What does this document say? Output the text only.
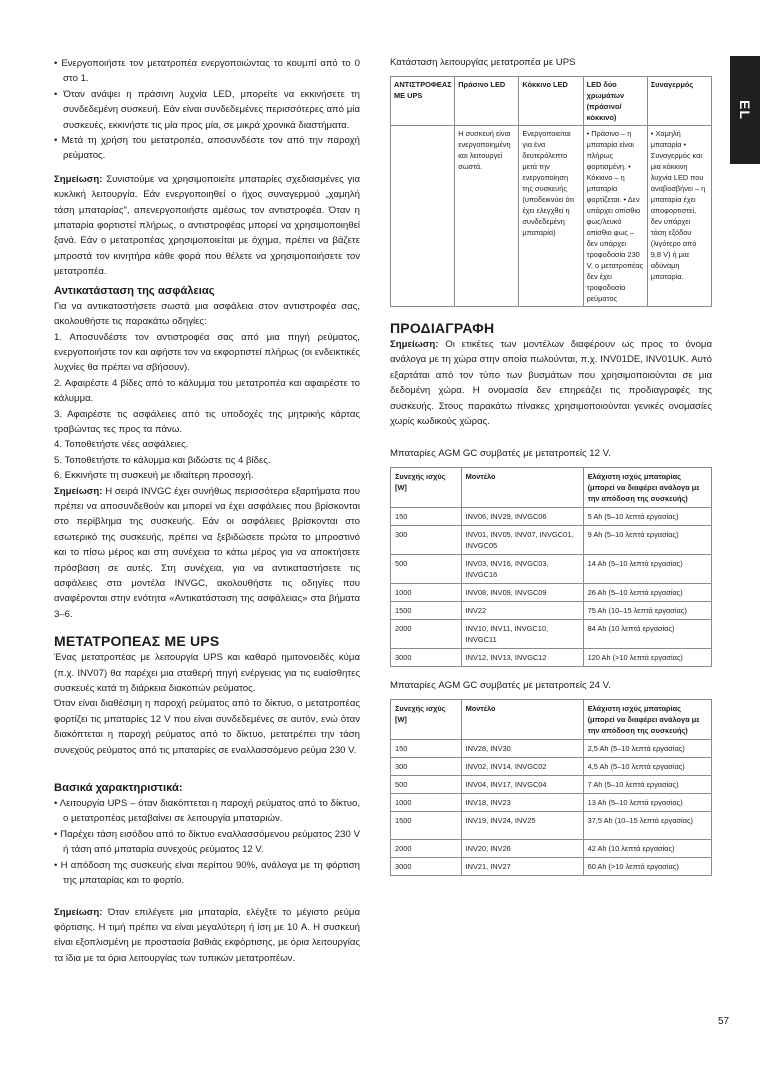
EL
• Ενεργοποιήστε τον μετατροπέα ενεργοποιώντας το κουμπί από το 0 στο 1.
• Όταν ανάψει η πράσινη λυχνία LED, μπορείτε να εκκινήσετε τη συνδεδεμένη συσκευή. Εάν είναι συνδεδεμένες περισσότερες από μία συσκευές, εκκινήστε τις μία προς μία, σε μικρά χρονικά διαστήματα.
• Μετά τη χρήση του μετατροπέα, αποσυνδέστε τον από την παροχή ρεύματος.

Σημείωση: Συνιστούμε να χρησιμοποιείτε μπαταρίες σχεδιασμένες για κυκλική λειτουργία. Εάν ενεργοποιηθεί ο ήχος συναγερμού „χαμηλή τάση μπαταρίας", απενεργοποιήστε αμέσως τον αντιστροφέα. Όταν η μπαταρία φορτιστεί πλήρως, ο αντιστροφέας μπορεί να χρησιμοποιηθεί ξανά. Εάν ο μετατροπέας χρησιμοποιείται με όχημα, πρέπει να βάζετε μπροστά τον κινητήρα κάθε φορά που θέλετε να χρησιμοποιήσετε τον μετατροπέα.

Αντικατάσταση της ασφάλειας

Για να αντικαταστήσετε σωστά μια ασφάλεια στον αντιστροφέα σας, ακολουθήστε τις παρακάτω οδηγίες:

1. Αποσυνδέστε τον αντιστροφέα σας από μια πηγή ρεύματος, ενεργοποιήστε τον και αφήστε τον να εκφορτιστεί πλήρως (οι ενδεικτικές λυχνίες θα πρέπει να σβήσουν).

2. Αφαιρέστε 4 βίδες από το κάλυμμα του μετατροπέα και αφαιρέστε το κάλυμμα.

3. Αφαιρέστε τις ασφάλειες από τις υποδοχές της μητρικής κάρτας τραβώντας τες προς τα πάνω.

4. Τοποθετήστε νέες ασφάλειες.

5. Τοποθετήστε το κάλυμμα και βιδώστε τις 4 βίδες.

6. Εκκινήστε τη συσκευή με ιδιαίτερη προσοχή.

Σημείωση: Η σειρά INVGC έχει συνήθως περισσότερα εξαρτήματα που πρέπει να αποσυνδεθούν και μπορεί να έχει ασφάλειες που βρίσκονται στο περίβλημα της συσκευής. Εάν οι ασφάλειες βρίσκονται στο εσωτερικό της συσκευής, πρέπει να ξεβιδώσετε πρώτα το μπροστινό και το πίσω μέρος και στη συνέχεια το κάτω μέρος για να αποκτήσετε πρόσβαση σε αυτές. Στη συνέχεια, για να αντικαταστήσετε τις ασφάλειες στα μοντέλα INVGC, ακολουθήστε τις οδηγίες που αναφέρονται στην ενότητα «Αντικατάσταση της ασφάλειας» στα βήματα 3–6.

ΜΕΤΑΤΡΟΠΕΑΣ ΜΕ UPS

Ένας μετατροπέας με λειτουργία UPS και καθαρό ημιτονοειδές κύμα (π.χ. INV07) θα παρέχει μια σταθερή πηγή ενέργειας για τις ευαίσθητες συσκευές κατά τη διάρκεια διακοπών ρεύματος.

Όταν είναι διαθέσιμη η παροχή ρεύματος από το δίκτυο, ο μετατροπέας φορτίζει τις μπαταρίες 12 V που είναι συνδεδεμένες σε αυτόν, ενώ όταν διακόπτεται η παροχή ρεύματος από το δίκτυο, μετατρέπει την τάση συνεχούς ρεύματος από τις μπαταρίες σε εναλλασσόμενο ρεύμα 230 V.

Βασικά χαρακτηριστικά:
• Λειτουργία UPS – όταν διακόπτεται η παροχή ρεύματος από το δίκτυο, ο μετατροπέας μεταβαίνει σε λειτουργία μπαταριών.
• Παρέχει τάση εισόδου από το δίκτυο εναλλασσόμενου ρεύματος 230 V ή τάση από μπαταρία συνεχούς ρεύματος 12 V.
• Η απόδοση της συσκευής είναι περίπου 90%, ανάλογα με τη φόρτιση της μπαταρίας και το φορτίο.

Σημείωση: Όταν επιλέγετε μια μπαταρία, ελέγξτε το μέγιστο ρεύμα φόρτισης. Η τιμή πρέπει να είναι μεγαλύτερη ή ίση με 10 A. Η συσκευή είναι εξοπλισμένη με προστασία βαθιάς εκφόρτισης, με όρια λειτουργίας τα ίδια με τα όρια λειτουργίας των τυπικών μετατροπέων.

Κατάσταση λειτουργίας μετατροπέα με UPS
ΑΝΤΙΣΤΡΟΦΕΑΣ ΜΕ UPS	Πράσινο LED	Κόκκινο LED	LED δύο χρωμάτων (πράσινο/ κόκκινο)	Συναγερμός
	Η συσκευή είναι ενεργοποιημένη και λειτουργεί σωστά.	Ενεργοποιείται για ένα δευτερόλεπτο μετά την ενεργοποίηση της συσκευής (υποδεικνύει ότι έχει ελεγχθεί η συνδεδεμένη μπαταρία)	• Πράσινο – η μπαταρία είναι πλήρως φορτισμένη. • Κόκκινο – η μπαταρία φορτίζεται. • Δεν υπάρχει οπίσθιο φως/λευκό οπίσθιο φως – δεν υπάρχει τροφοδοσία 230 V, ο μετατροπέας δεν έχει τροφοδοσία ρεύματος	• Χαμηλή μπαταρία • Συναγερμός και μια κόκκινη λυχνία LED που αναβοσβήνει – η μπαταρία έχει αποφορτιστεί, δεν υπάρχει τάση εξόδου (λιγότερο από 9,8 V) ή μια αδύναμη μπαταρία.
ΠΡΟΔΙΑΓΡΑΦΗ

Σημείωση: Οι ετικέτες των μοντέλων διαφέρουν ως προς το όνομα ανάλογα με τη χώρα στην οποία πωλούνται, π.χ. INV01DE, INV01UK. Αυτό εξαρτάται από τον τύπο των βυσμάτων που χρησιμοποιούνται σε μια δεδομένη χώρα. Η ονομασία δεν επηρεάζει τις προδιαγραφές της συσκευής. Στους παρακάτω πίνακες χρησιμοποιούνται γενικές ονομασίες χωρίς κωδικούς χώρας.

Μπαταρίες AGM GC συμβατές με μετατροπείς 12 V.
Συνεχής ισχύς [W]	Μοντέλο	Ελάχιστη ισχύς μπαταρίας (μπορεί να διαφέρει ανάλογα με την απόδοση της συσκευής)
150	INV06, INV29, INVGC06	5 Ah (5–10 λεπτά εργασίας)
300	INV01, INV05, INV07, INVGC01, INVGC05	9 Ah (5–10 λεπτά εργασίας)
500	INV03, INV16, INVGC03, INVGC16	14 Ah (5–10 λεπτά εργασίας)
1000	INV08, INV09, INVGC09	26 Ah (5–10 λεπτά εργασίας)
1500	INV22	75 Ah (10–15 λεπτά εργασίας)
2000	INV10, INV11, INVGC10, INVGC11	84 Ah (10 λεπτά εργασίας)
3000	INV12, INV13, INVGC12	120 Ah (>10 λεπτά εργασίας)
Μπαταρίες AGM GC συμβατές με μετατροπείς 24 V.
Συνεχής ισχύς [W]	Μοντέλο	Ελάχιστη ισχύς μπαταρίας (μπορεί να διαφέρει ανάλογα με την απόδοση της συσκευής)
150	INV28, INV30	2,5 Ah (5–10 λεπτά εργασίας)
300	INV02, INV14, INVGC02	4,5 Ah (5–10 λεπτά εργασίας)
500	INV04, INV17, INVGC04	7 Ah (5–10 λεπτά εργασίας)
1000	INV18, INV23	13 Ah (5–10 λεπτά εργασίας)
1500	INV19, INV24, INV25	37,5 Ah (10–15 λεπτά εργασίας)
2000	INV20, INV26	42 Ah (10 λεπτά εργασίας)
3000	INV21, INV27	60 Ah (>10 λεπτά εργασίας)
57
